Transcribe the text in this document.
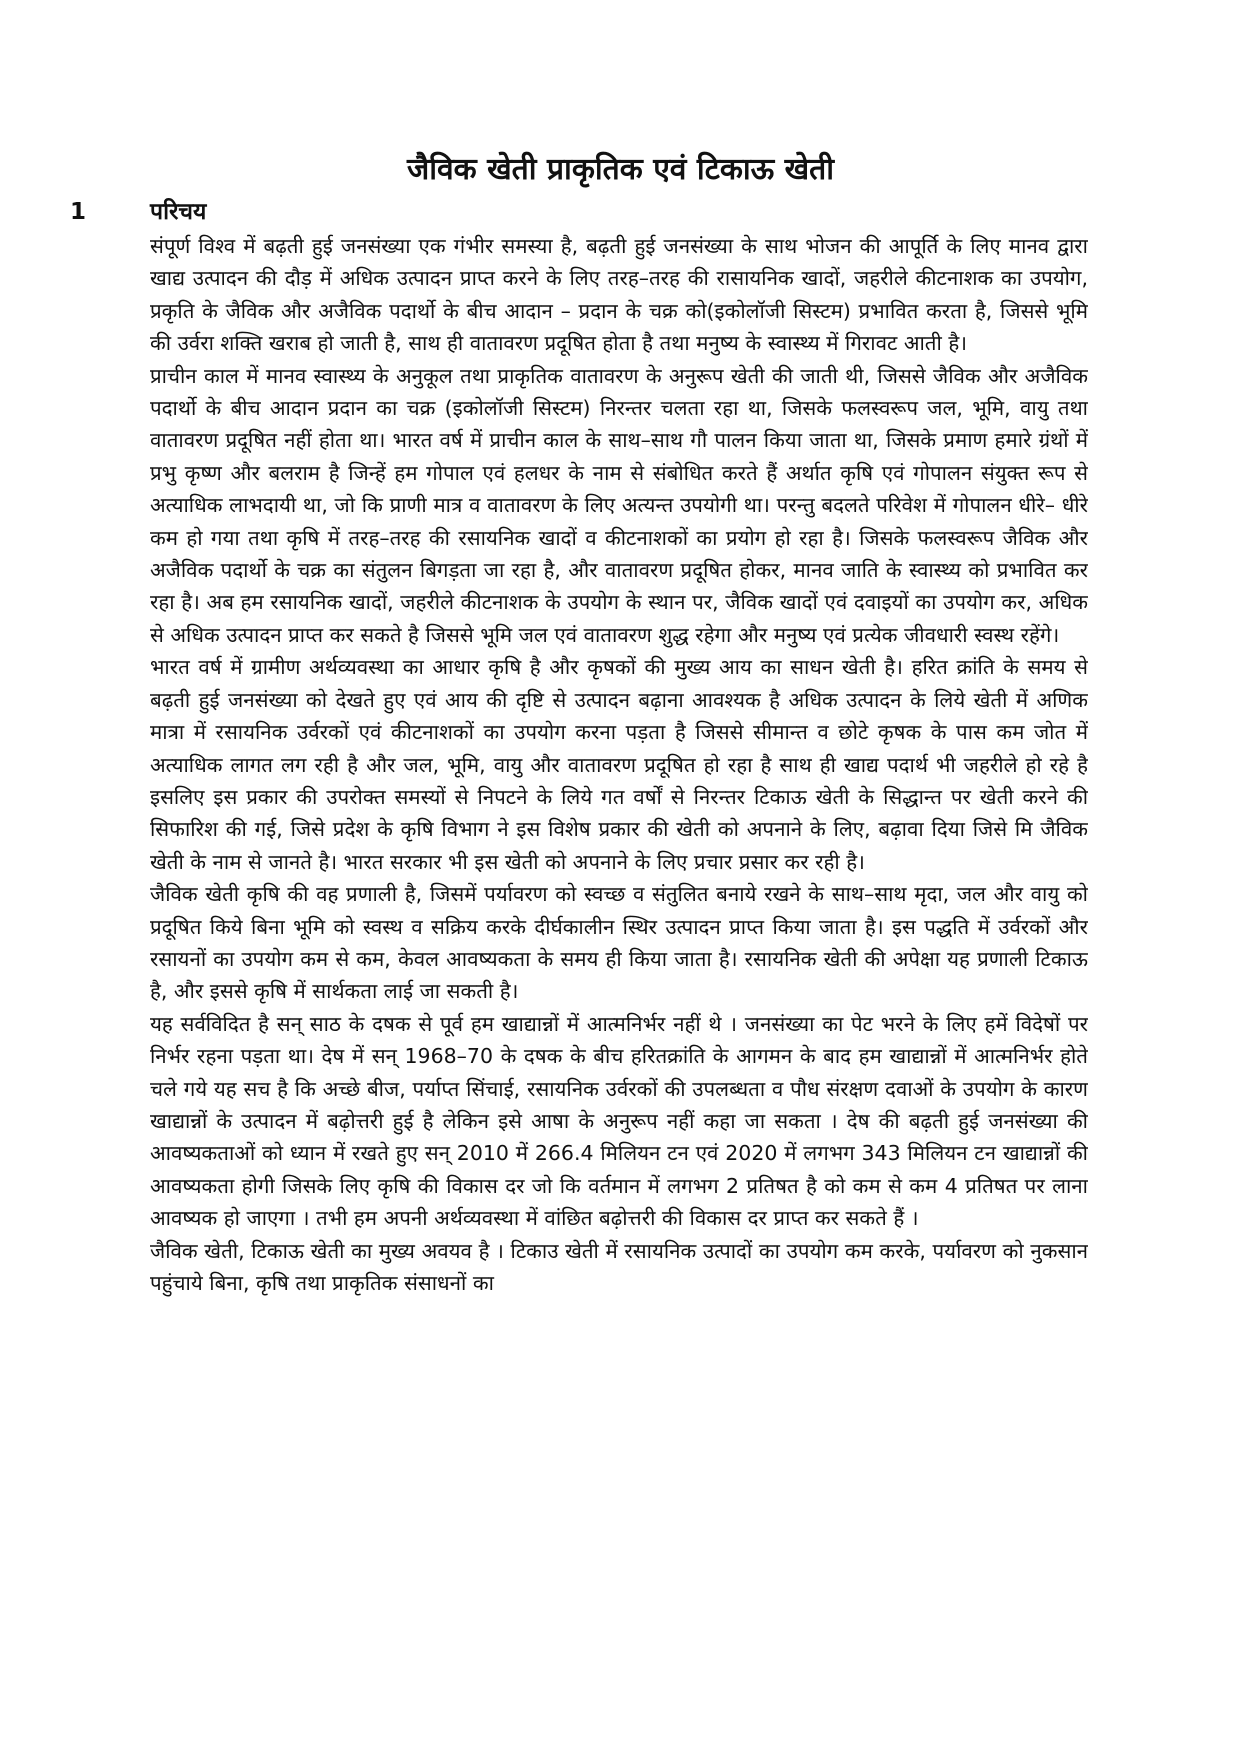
जैविक खेती प्राकृतिक एवं टिकाऊ खेती
1	परिचय

संपूर्ण विश्व में बढ़ती हुई जनसंख्या एक गंभीर समस्या है, बढ़ती हुई जनसंख्या के साथ भोजन की आपूर्ति के लिए मानव द्वारा खाद्य उत्पादन की दौड़ में अधिक उत्पादन प्राप्त करने के लिए तरह–तरह की रासायनिक खादों, जहरीले कीटनाशक का उपयोग, प्रकृति के जैविक और अजैविक पदार्थो के बीच आदान – प्रदान के चक्र को(इकोलॉजी सिस्टम) प्रभावित करता है, जिससे भूमि की उर्वरा शक्ति खराब हो जाती है, साथ ही वातावरण प्रदूषित होता है तथा मनुष्य के स्वास्थ्य में गिरावट आती है।

प्राचीन काल में मानव स्वास्थ्य के अनुकूल तथा प्राकृतिक वातावरण के अनुरूप खेती की जाती थी, जिससे जैविक और अजैविक पदार्थो के बीच आदान प्रदान का चक्र (इकोलॉजी सिस्टम) निरन्तर चलता रहा था, जिसके फलस्वरूप जल, भूमि, वायु तथा वातावरण प्रदूषित नहीं होता था। भारत वर्ष में प्राचीन काल के साथ–साथ गौ पालन किया जाता था, जिसके प्रमाण हमारे ग्रंथों में प्रभु कृष्ण और बलराम है जिन्हें हम गोपाल एवं हलधर के नाम से संबोधित करते हैं अर्थात कृषि एवं गोपालन संयुक्त रूप से अत्याधिक लाभदायी था, जो कि प्राणी मात्र व वातावरण के लिए अत्यन्त उपयोगी था। परन्तु बदलते परिवेश में गोपालन धीरे– धीरे कम हो गया तथा कृषि में तरह–तरह की रसायनिक खादों व कीटनाशकों का प्रयोग हो रहा है। जिसके फलस्वरूप जैविक और अजैविक पदार्थो के चक्र का संतुलन बिगड़ता जा रहा है, और वातावरण प्रदूषित होकर, मानव जाति के स्वास्थ्य को प्रभावित कर रहा है। अब हम रसायनिक खादों, जहरीले कीटनाशक के उपयोग के स्थान पर, जैविक खादों एवं दवाइयों का उपयोग कर, अधिक से अधिक उत्पादन प्राप्त कर सकते है जिससे भूमि जल एवं वातावरण शुद्ध रहेगा और मनुष्य एवं प्रत्येक जीवधारी स्वस्थ रहेंगे।

भारत वर्ष में ग्रामीण अर्थव्यवस्था का आधार कृषि है और कृषकों की मुख्य आय का साधन खेती है। हरित क्रांति के समय से बढ़ती हुई जनसंख्या को देखते हुए एवं आय की दृष्टि से उत्पादन बढ़ाना आवश्यक है अधिक उत्पादन के लिये खेती में अणिक मात्रा में रसायनिक उर्वरकों एवं कीटनाशकों का उपयोग करना पड़ता है जिससे सीमान्त व छोटे कृषक के पास कम जोत में अत्याधिक लागत लग रही है और जल, भूमि, वायु और वातावरण प्रदूषित हो रहा है साथ ही खाद्य पदार्थ भी जहरीले हो रहे है इसलिए इस प्रकार की उपरोक्त समस्यों से निपटने के लिये गत वर्षों से निरन्तर टिकाऊ खेती के सिद्धान्त पर खेती करने की सिफारिश की गई, जिसे प्रदेश के कृषि विभाग ने इस विशेष प्रकार की खेती को अपनाने के लिए, बढ़ावा दिया जिसे मि जैविक खेती के नाम से जानते है। भारत सरकार भी इस खेती को अपनाने के लिए प्रचार प्रसार कर रही है।

जैविक खेती कृषि की वह प्रणाली है, जिसमें पर्यावरण को स्वच्छ व संतुलित बनाये रखने के साथ–साथ मृदा, जल और वायु को प्रदूषित किये बिना भूमि को स्वस्थ व सक्रिय करके दीर्घकालीन स्थिर उत्पादन प्राप्त किया जाता है। इस पद्धति में उर्वरकों और रसायनों का उपयोग कम से कम, केवल आवष्यकता के समय ही किया जाता है। रसायनिक खेती की अपेक्षा यह प्रणाली टिकाऊ है, और इससे कृषि में सार्थकता लाई जा सकती है।

यह सर्वविदित है सन् साठ के दषक से पूर्व हम खाद्यान्नों में आत्मनिर्भर नहीं थे । जनसंख्या का पेट भरने के लिए हमें विदेषों पर निर्भर रहना पड़ता था। देष में सन् 1968–70 के दषक के बीच हरितक्रांति के आगमन के बाद हम खाद्यान्नों में आत्मनिर्भर होते चले गये यह सच है कि अच्छे बीज, पर्याप्त सिंचाई, रसायनिक उर्वरकों की उपलब्धता व पौध संरक्षण दवाओं के उपयोग के कारण खाद्यान्नों के उत्पादन में बढ़ोत्तरी हुई है लेकिन इसे आषा के अनुरूप नहीं कहा जा सकता । देष की बढ़ती हुई जनसंख्या की आवष्यकताओं को ध्यान में रखते हुए सन् 2010 में 266.4 मिलियन टन एवं 2020 में लगभग 343 मिलियन टन खाद्यान्नों की आवष्यकता होगी जिसके लिए कृषि की विकास दर जो कि वर्तमान में लगभग 2 प्रतिषत है को कम से कम 4 प्रतिषत पर लाना आवष्यक हो जाएगा । तभी हम अपनी अर्थव्यवस्था में वांछित बढ़ोत्तरी की विकास दर प्राप्त कर सकते हैं ।

जैविक खेती, टिकाऊ खेती का मुख्य अवयव है । टिकाउ खेती में रसायनिक उत्पादों का उपयोग कम करके, पर्यावरण को नुकसान पहुंचाये बिना, कृषि तथा प्राकृतिक संसाधनों का
